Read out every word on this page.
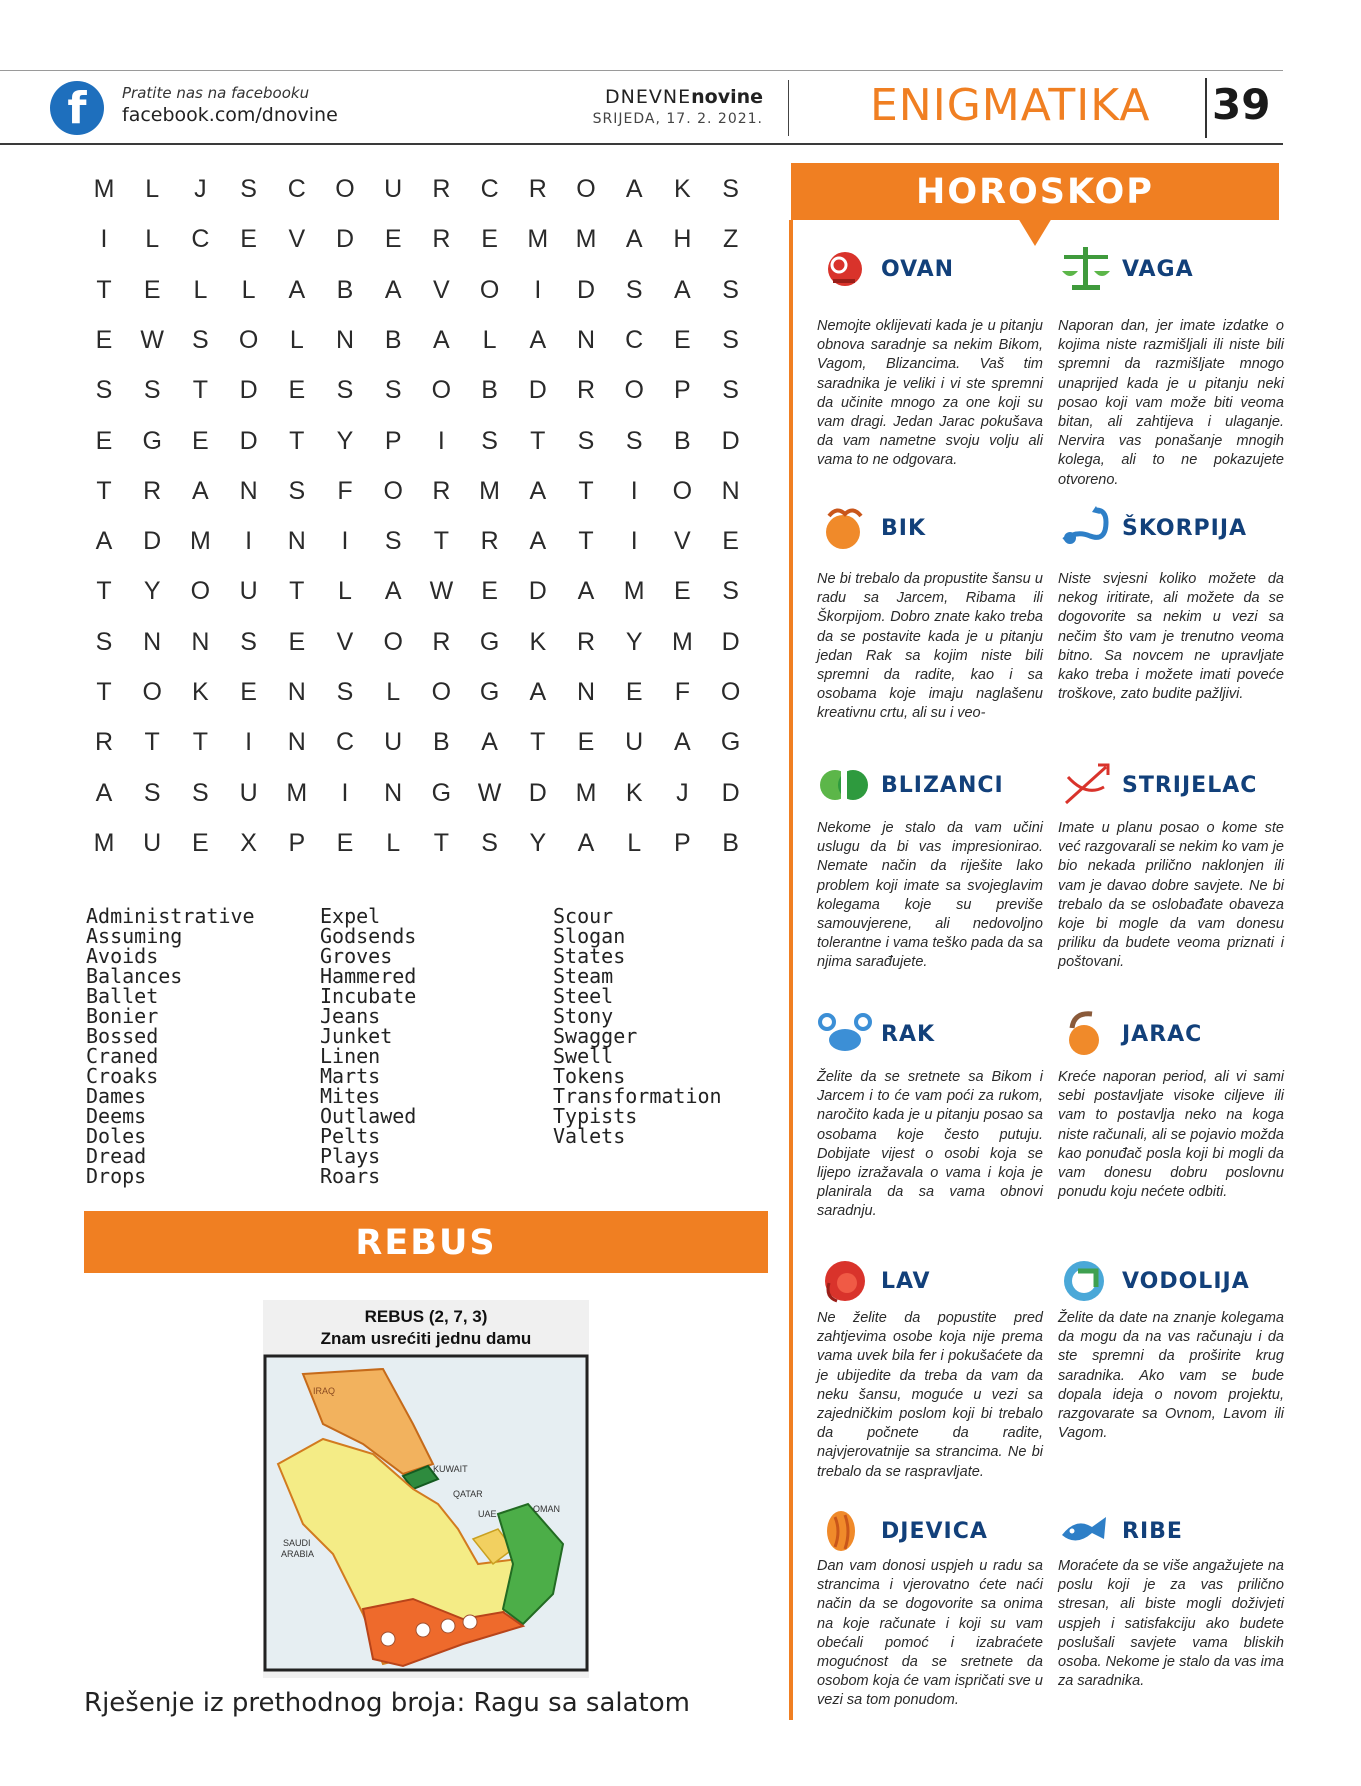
f	Pratite nas na facebooku
facebook.com/dnovine
DNEVNEnovine
SRIJEDA, 17. 2. 2021. ENIGMATIKA 39
M	L	J	S	C	O	U	R	C	R	O	A	K	S
I	L	C	E	V	D	E	R	E	M	M	A	H	Z
T	E	L	L	A	B	A	V	O	I	D	S	A	S
E	W	S	O	L	N	B	A	L	A	N	C	E	S
S	S	T	D	E	S	S	O	B	D	R	O	P	S
E	G	E	D	T	Y	P	I	S	T	S	S	B	D
T	R	A	N	S	F	O	R	M	A	T	I	O	N
A	D	M	I	N	I	S	T	R	A	T	I	V	E
T	Y	O	U	T	L	A	W	E	D	A	M	E	S
S	N	N	S	E	V	O	R	G	K	R	Y	M	D
T	O	K	E	N	S	L	O	G	A	N	E	F	O
R	T	T	I	N	C	U	B	A	T	E	U	A	G
A	S	S	U	M	I	N	G	W	D	M	K	J	D
M	U	E	X	P	E	L	T	S	Y	A	L	P	B
Administrative
Assuming
Avoids
Balances
Ballet
Bonier
Bossed
Craned
Croaks
Dames
Deems
Doles
Dread
Drops
Expel
Godsends
Groves
Hammered
Incubate
Jeans
Junket
Linen
Marts
Mites
Outlawed
Pelts
Plays
Roars
Scour
Slogan
States
Steam
Steel
Stony
Swagger
Swell
Tokens
Transformation
Typists
Valets
REBUS
REBUS (2, 7, 3)
Znam usrećiti jednu damu
IRAQ
KUWAIT
QATAR
UAE	OMAN
SAUDI
ARABIA
Rješenje iz prethodnog broja: Ragu sa salatom
HOROSKOP
OVAN
Nemojte oklijevati kada je u pitanju obnova saradnje sa nekim Bikom, Vagom, Blizancima. Vaš tim saradnika je veliki i vi ste spremni da učinite mnogo za one koji su vam dragi. Jedan Jarac pokušava da vam nametne svoju volju ali vama to ne odgovara.
BIK
Ne bi trebalo da propustite šansu u radu sa Jarcem, Ribama ili Škorpijom. Dobro znate kako treba da se postavite kada je u pitanju jedan Rak sa kojim niste bili spremni da radite, kao i sa osobama koje imaju naglašenu kreativnu crtu, ali su i veo-
BLIZANCI
Nekome je stalo da vam učini uslugu da bi vas impresionirao. Nemate način da riješite lako problem koji imate sa svojeglavim kolegama koje su previše samouvjerene, ali nedovoljno tolerantne i vama teško pada da sa njima sarađujete.
RAK
Želite da se sretnete sa Bikom i Jarcem i to će vam poći za rukom, naročito kada je u pitanju posao sa osobama koje često putuju. Dobijate vijest o osobi koja se lijepo izražavala o vama i koja je planirala da sa vama obnovi saradnju.
LAV
Ne želite da popustite pred zahtjevima osobe koja nije prema vama uvek bila fer i pokušaćete da je ubijedite da treba da vam da neku šansu, moguće u vezi sa zajedničkim poslom koji bi trebalo da počnete da radite, najvjerovatnije sa strancima. Ne bi trebalo da se raspravljate.
DJEVICA
Dan vam donosi uspjeh u radu sa strancima i vjerovatno ćete naći način da se dogovorite sa onima na koje računate i koji su vam obećali pomoć i izabraćete mogućnost da se sretnete da osobom koja će vam ispričati sve u vezi sa tom ponudom.
VAGA
Naporan dan, jer imate izdatke o kojima niste razmišljali ili niste bili spremni da razmišljate mnogo unaprijed kada je u pitanju neki posao koji vam može biti veoma bitan, ali zahtijeva i ulaganje. Nervira vas ponašanje mnogih kolega, ali to ne pokazujete otvoreno.
ŠKORPIJA
Niste svjesni koliko možete da nekog iritirate, ali možete da se dogovorite sa nekim u vezi sa nečim što vam je trenutno veoma bitno. Sa novcem ne upravljate kako treba i možete imati poveće troškove, zato budite pažljivi.
STRIJELAC
Imate u planu posao o kome ste već razgovarali se nekim ko vam je bio nekada prilično naklonjen ili vam je davao dobre savjete. Ne bi trebalo da se oslobađate obaveza koje bi mogle da vam donesu priliku da budete veoma priznati i poštovani.
JARAC
Kreće naporan period, ali vi sami sebi postavljate visoke ciljeve ili vam to postavlja neko na koga niste računali, ali se pojavio možda kao ponuđač posla koji bi mogli da vam donesu dobru poslovnu ponudu koju nećete odbiti.
VODOLIJA
Želite da date na znanje kolegama da mogu da na vas računaju i da ste spremni da proširite krug saradnika. Ako vam se bude dopala ideja o novom projektu, razgovarate sa Ovnom, Lavom ili Vagom.
RIBE
Moraćete da se više angažujete na poslu koji je za vas prilično stresan, ali biste mogli doživjeti uspjeh i satisfakciju ako budete poslušali savjete vama bliskih osoba. Nekome je stalo da vas ima za saradnika.
